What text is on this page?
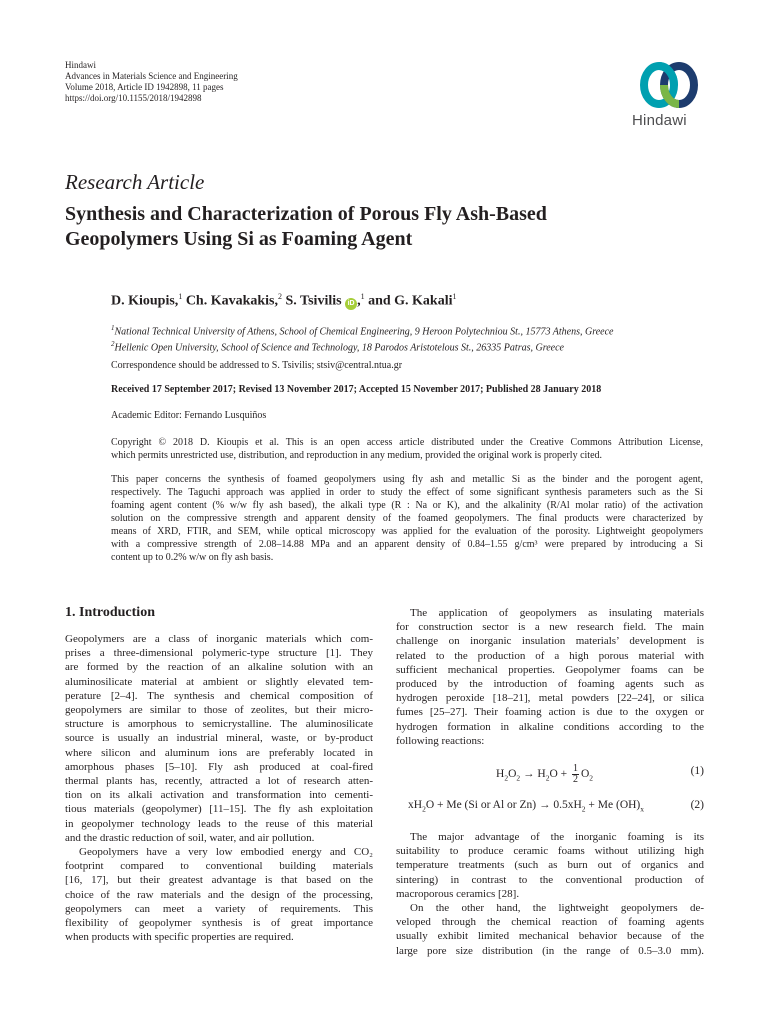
Hindawi
Advances in Materials Science and Engineering
Volume 2018, Article ID 1942898, 11 pages
https://doi.org/10.1155/2018/1942898
Hindawi
Research Article
Synthesis and Characterization of Porous Fly Ash-Based
Geopolymers Using Si as Foaming Agent
D. Kioupis,$^1$ Ch. Kavakakis,$^2$ S. Tsivilis iD ,$^1$ and G. Kakali$^1$
$^1$National Technical University of Athens, School of Chemical Engineering, 9 Heroon Polytechniou St., 15773 Athens, Greece
$^2$Hellenic Open University, School of Science and Technology, 18 Parodos Aristotelous St., 26335 Patras, Greece
Correspondence should be addressed to S. Tsivilis; stsiv@central.ntua.gr
Received 17 September 2017; Revised 13 November 2017; Accepted 15 November 2017; Published 28 January 2018
Academic Editor: Fernando Lusquiños
Copyright © 2018 D. Kioupis et al. This is an open access article distributed under the Creative Commons Attribution License,
which permits unrestricted use, distribution, and reproduction in any medium, provided the original work is properly cited.
This paper concerns the synthesis of foamed geopolymers using fly ash and metallic Si as the binder and the porogent agent,
respectively. The Taguchi approach was applied in order to study the effect of some significant synthesis parameters such as the Si
foaming agent content (% w/w fly ash based), the alkali type (R : Na or K), and the alkalinity (R/Al molar ratio) of the activation
solution on the compressive strength and apparent density of the foamed geopolymers. The final products were characterized by
means of XRD, FTIR, and SEM, while optical microscopy was applied for the evaluation of the porosity. Lightweight geopolymers
with a compressive strength of 2.08–14.88 MPa and an apparent density of 0.84–1.55 g/cm³ were prepared by introducing a Si
content up to 0.2% w/w on fly ash basis.
1. Introduction
Geopolymers are a class of inorganic materials which com-
prises a three-dimensional polymeric-type structure [1]. They
are formed by the reaction of an alkaline solution with an
aluminosilicate material at ambient or slightly elevated tem-
perature [2–4]. The synthesis and chemical composition of
geopolymers are similar to those of zeolites, but their micro-
structure is amorphous to semicrystalline. The aluminosilicate
source is usually an industrial mineral, waste, or by-product
where silicon and aluminum ions are preferably located in
amorphous phases [5–10]. Fly ash produced at coal-fired
thermal plants has, recently, attracted a lot of research atten-
tion on its alkali activation and transformation into cementi-
tious materials (geopolymer) [11–15]. The fly ash exploitation
in geopolymer technology leads to the reuse of this material
and the drastic reduction of soil, water, and air pollution.
Geopolymers have a very low embodied energy and CO₂
footprint compared to conventional building materials
[16, 17], but their greatest advantage is that based on the
choice of the raw materials and the design of the processing,
geopolymers can meet a variety of requirements. This
flexibility of geopolymer synthesis is of great importance
when products with specific properties are required.
The application of geopolymers as insulating materials
for construction sector is a new research field. The main
challenge on inorganic insulation materials’ development is
related to the production of a high porous material with
sufficient mechanical properties. Geopolymer foams can be
produced by the introduction of foaming agents such as
hydrogen peroxide [18–21], metal powders [22–24], or silica
fumes [25–27]. Their foaming action is due to the oxygen or
hydrogen formation in alkaline conditions according to the
following reactions:
$H_2O_2 \to H_2O + \frac{1}{2} O_2$
(1)
$xH_2O + Me$ (Si or Al or $Zn) \to 0.5xH_2 + Me$ $(OH)_x$	(2)
The major advantage of the inorganic foaming is its
suitability to produce ceramic foams without utilizing high
temperature treatments (such as burn out of organics and
sintering) in contrast to the conventional production of
macroporous ceramics [28].
On the other hand, the lightweight geopolymers de-
veloped through the chemical reaction of foaming agents
usually exhibit limited mechanical behavior because of the
large pore size distribution (in the range of 0.5–3.0 mm).
